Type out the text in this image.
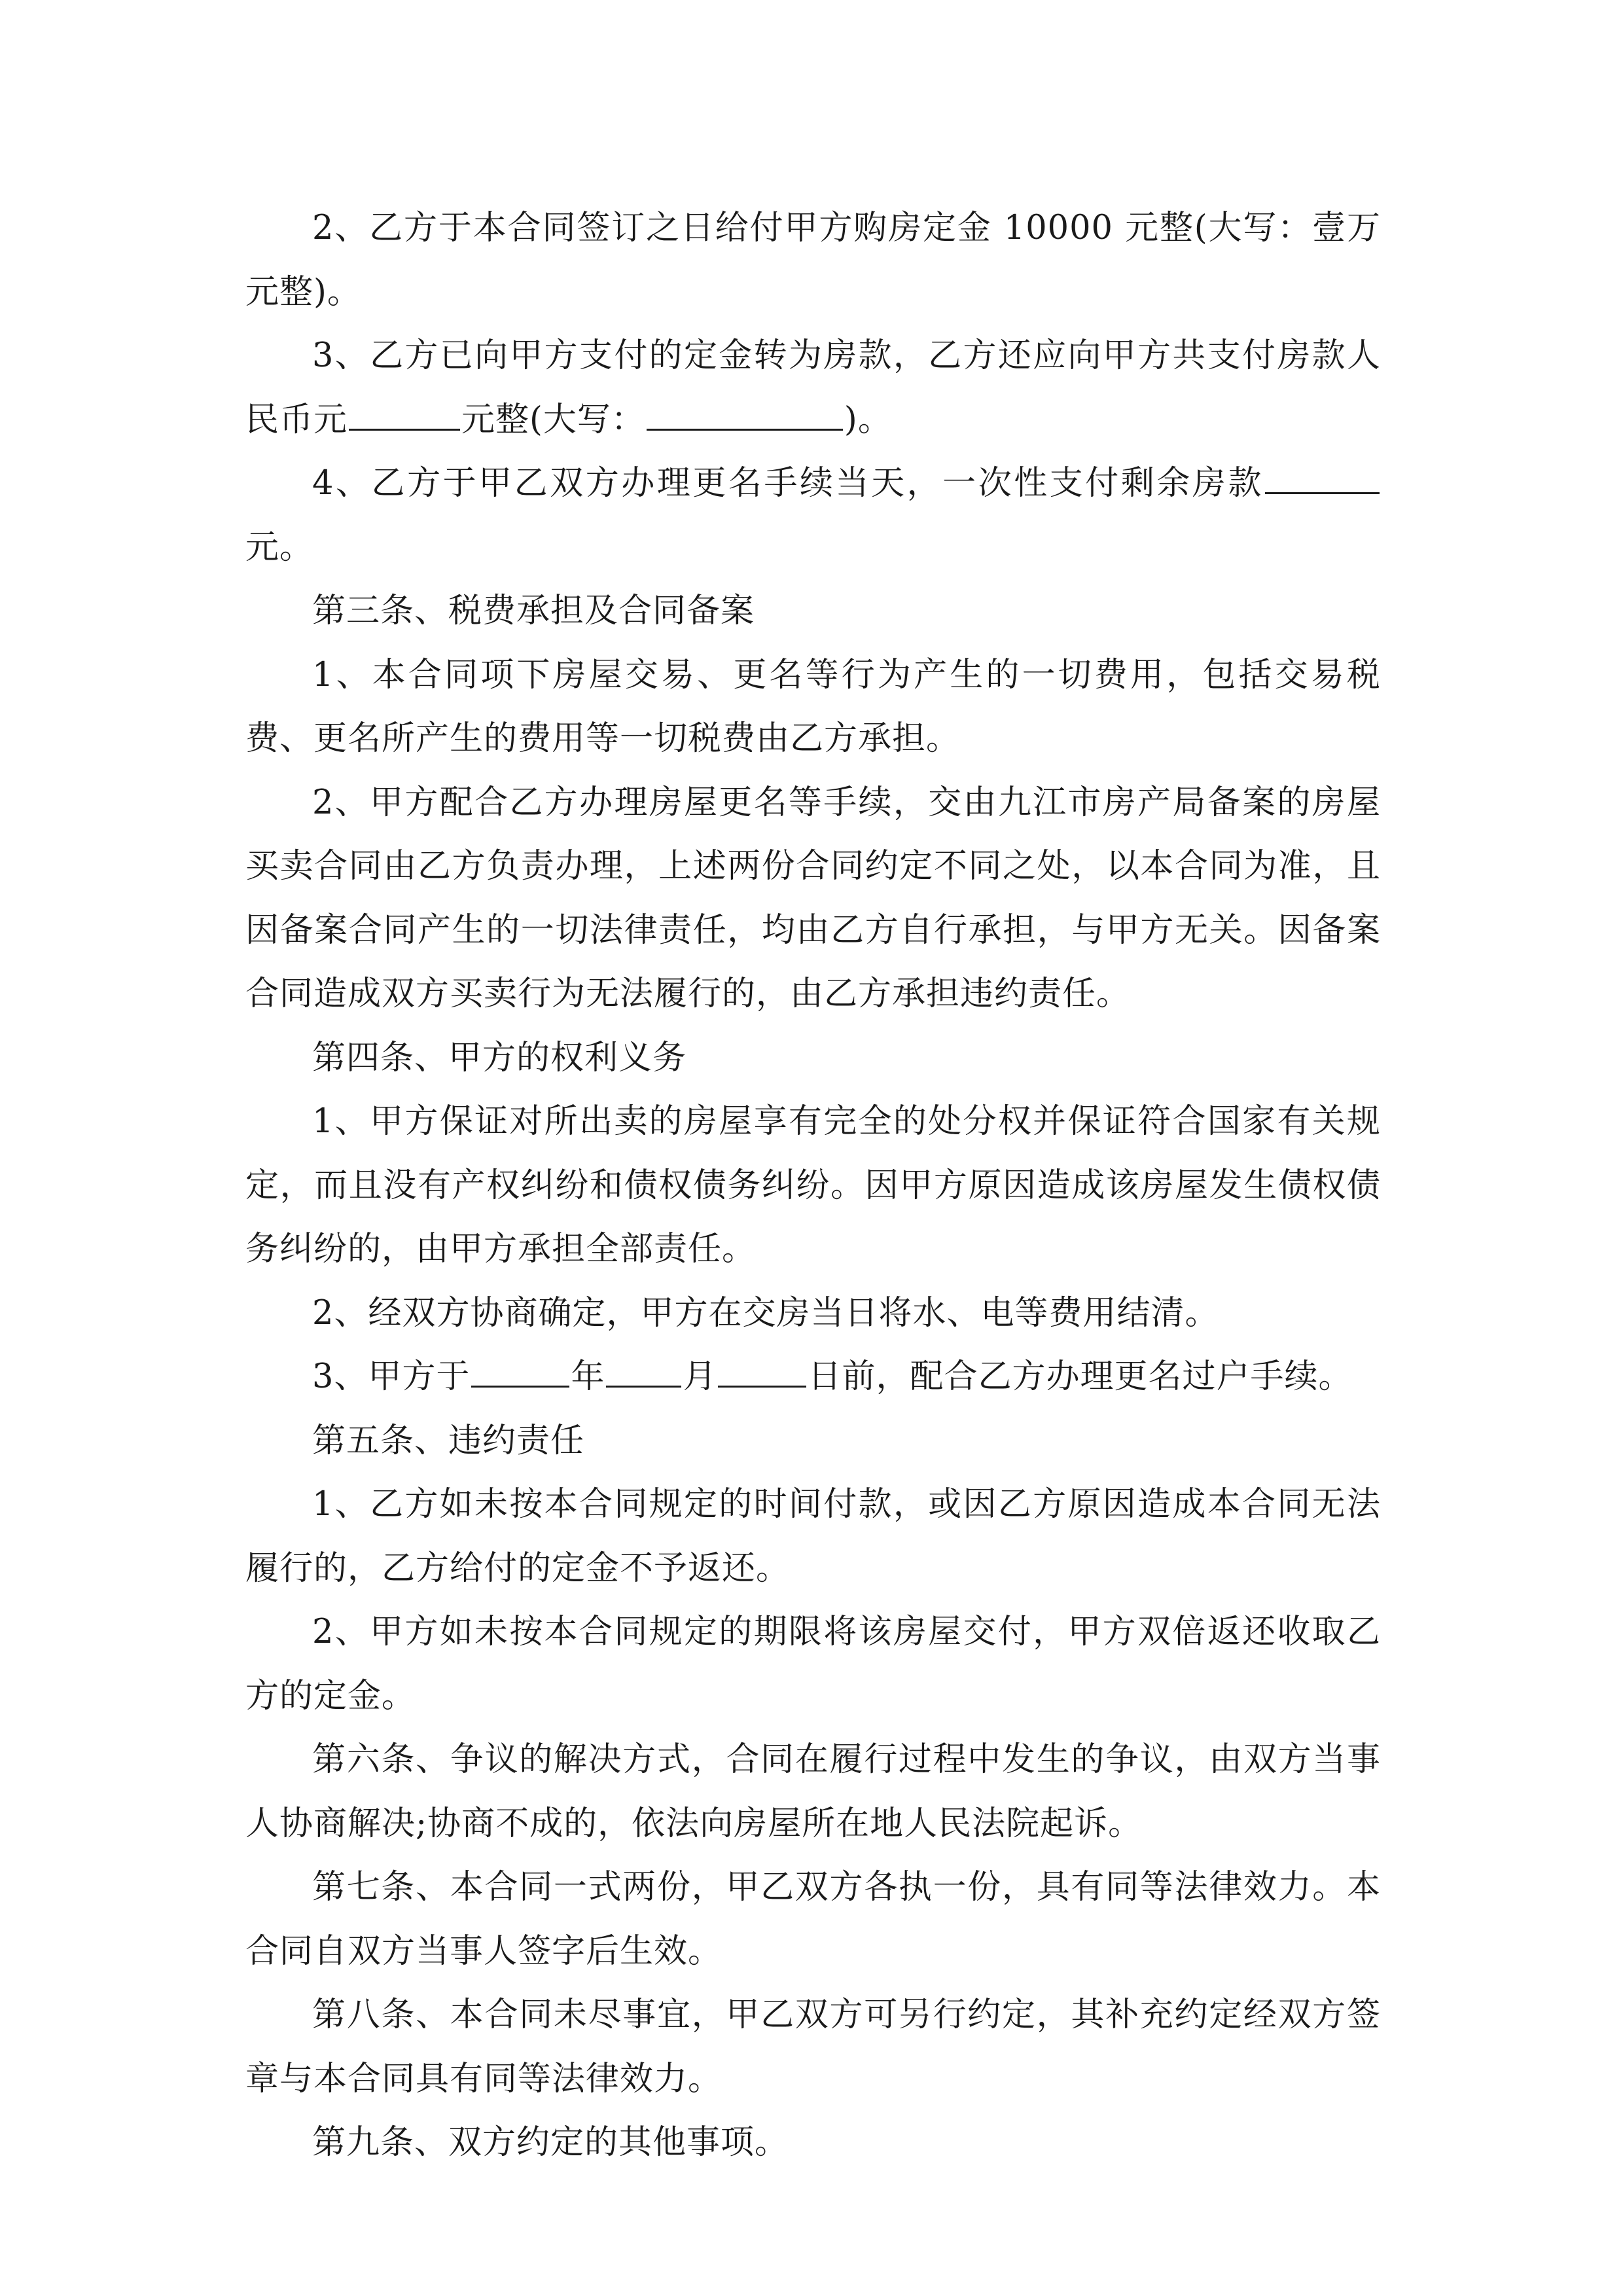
2、乙方于本合同签订之日给付甲方购房定金 10000 元整(大写：壹万元整)。

3、乙方已向甲方支付的定金转为房款，乙方还应向甲方共支付房款人民币元	元整(大写：	)。

4、乙方于甲乙双方办理更名手续当天，一次性支付剩余房款元。

第三条、税费承担及合同备案

1、本合同项下房屋交易、更名等行为产生的一切费用，包括交易税费、更名所产生的费用等一切税费由乙方承担。

2、甲方配合乙方办理房屋更名等手续，交由九江市房产局备案的房屋买卖合同由乙方负责办理，上述两份合同约定不同之处，以本合同为准，且因备案合同产生的一切法律责任，均由乙方自行承担，与甲方无关。因备案合同造成双方买卖行为无法履行的，由乙方承担违约责任。

第四条、甲方的权利义务

1、甲方保证对所出卖的房屋享有完全的处分权并保证符合国家有关规定，而且没有产权纠纷和债权债务纠纷。因甲方原因造成该房屋发生债权债务纠纷的，由甲方承担全部责任。

2、经双方协商确定，甲方在交房当日将水、电等费用结清。

3、甲方于	年 月	日前，配合乙方办理更名过户手续。

第五条、违约责任

1、乙方如未按本合同规定的时间付款，或因乙方原因造成本合同无法履行的，乙方给付的定金不予返还。

2、甲方如未按本合同规定的期限将该房屋交付，甲方双倍返还收取乙方的定金。

第六条、争议的解决方式，合同在履行过程中发生的争议，由双方当事人协商解决;协商不成的，依法向房屋所在地人民法院起诉。

第七条、本合同一式两份，甲乙双方各执一份，具有同等法律效力。本合同自双方当事人签字后生效。

第八条、本合同未尽事宜，甲乙双方可另行约定，其补充约定经双方签章与本合同具有同等法律效力。

第九条、双方约定的其他事项。
